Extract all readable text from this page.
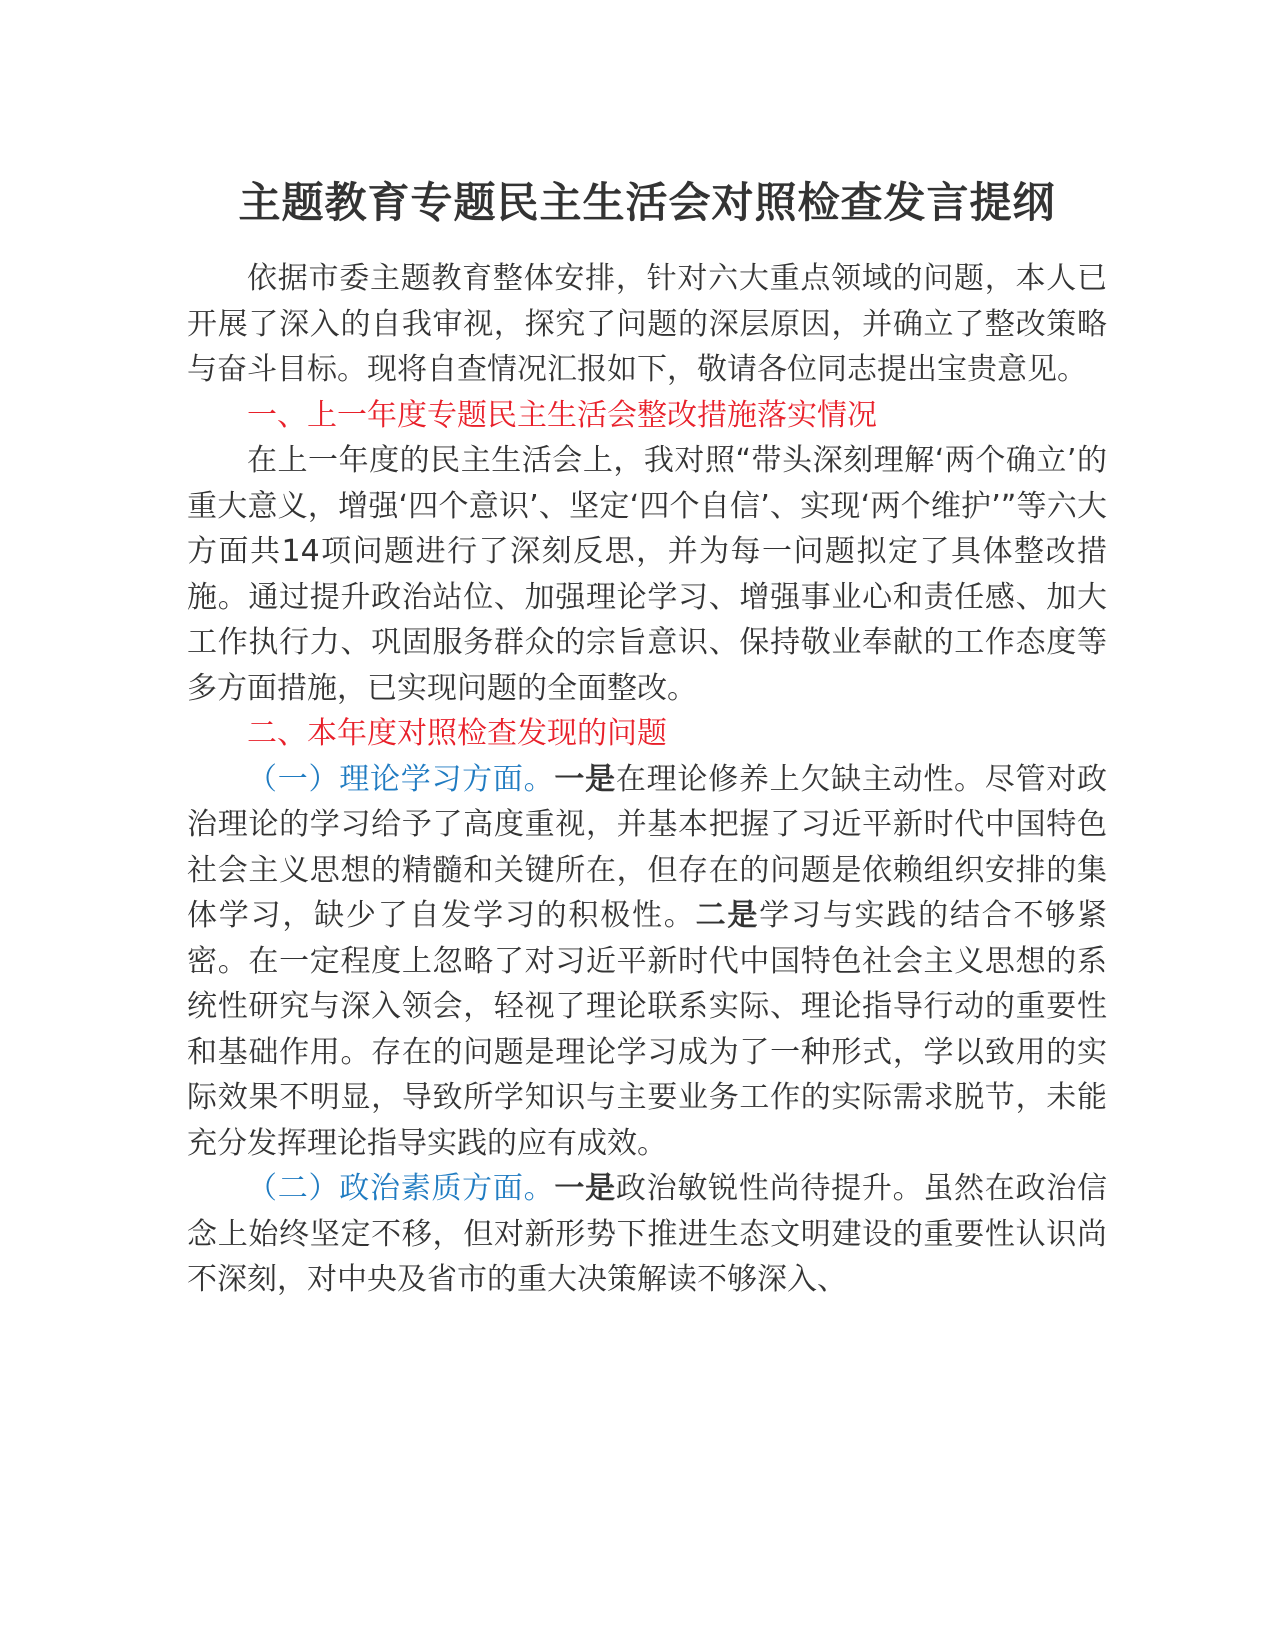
主题教育专题民主生活会对照检查发言提纲

依据市委主题教育整体安排，针对六大重点领域的问题，本人已开展了深入的自我审视，探究了问题的深层原因，并确立了整改策略与奋斗目标。现将自查情况汇报如下，敬请各位同志提出宝贵意见。

一、上一年度专题民主生活会整改措施落实情况

在上一年度的民主生活会上，我对照“带头深刻理解‘两个确立’的重大意义，增强‘四个意识’、坚定‘四个自信’、实现‘两个维护’”等六大方面共14项问题进行了深刻反思，并为每一问题拟定了具体整改措施。通过提升政治站位、加强理论学习、增强事业心和责任感、加大工作执行力、巩固服务群众的宗旨意识、保持敬业奉献的工作态度等多方面措施，已实现问题的全面整改。

二、本年度对照检查发现的问题

（一）理论学习方面。一是在理论修养上欠缺主动性。尽管对政治理论的学习给予了高度重视，并基本把握了习近平新时代中国特色社会主义思想的精髓和关键所在，但存在的问题是依赖组织安排的集体学习，缺少了自发学习的积极性。二是学习与实践的结合不够紧密。在一定程度上忽略了对习近平新时代中国特色社会主义思想的系统性研究与深入领会，轻视了理论联系实际、理论指导行动的重要性和基础作用。存在的问题是理论学习成为了一种形式，学以致用的实际效果不明显，导致所学知识与主要业务工作的实际需求脱节，未能充分发挥理论指导实践的应有成效。

（二）政治素质方面。一是政治敏锐性尚待提升。虽然在政治信念上始终坚定不移，但对新形势下推进生态文明建设的重要性认识尚不深刻，对中央及省市的重大决策解读不够深入、
